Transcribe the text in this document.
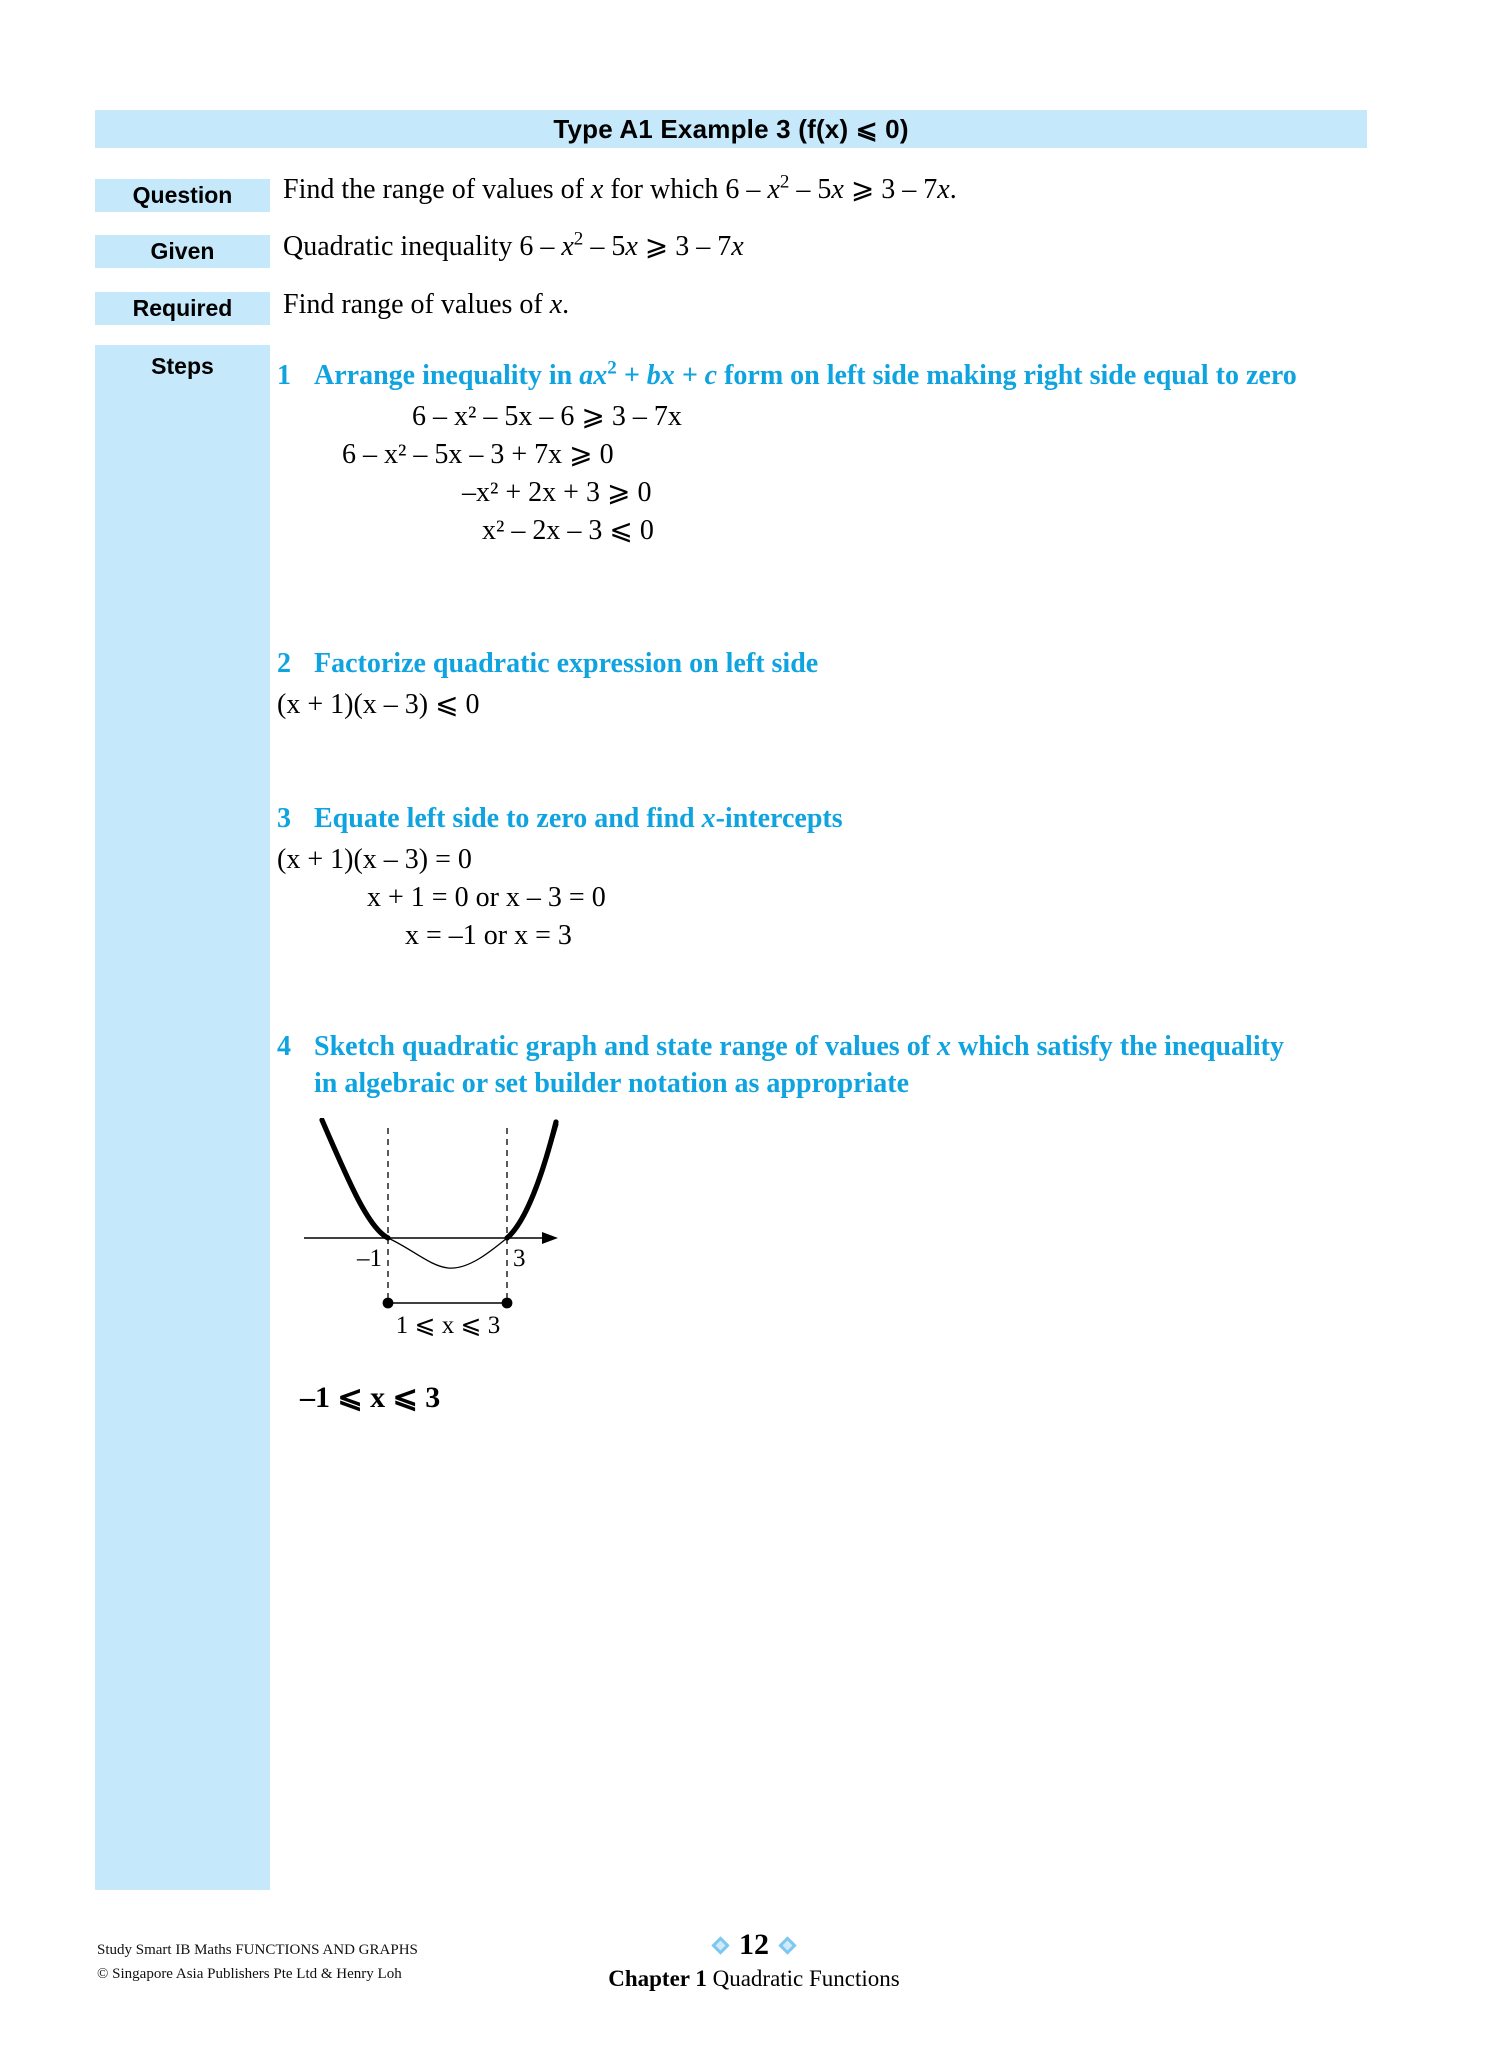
Type A1 Example 3 (f(x) ⩽ 0)
Question
Given
Required
Steps
Find the range of values of x for which $6 - x^2 - 5x$ ⩾ 3 – 7x.
Quadratic inequality $6 - x^2 - 5x$ ⩾ 3 – 7x
Find range of values of x.
1 Arrange inequality in $ax^2$ + bx + c form on left side making right side equal to zero
6 – x² – 5x – 6 ⩾ 3 – 7x
6 – x² – 5x – 3 + 7x ⩾ 0
–x² + 2x + 3 ⩾ 0
x² – 2x – 3 ⩽ 0
2 Factorize quadratic expression on left side
(x + 1)(x – 3) ⩽ 0
3 Equate left side to zero and find x-intercepts
(x + 1)(x – 3) = 0
x + 1 = 0 or x – 3 = 0
x = –1 or x = 3
4 Sketch quadratic graph and state range of values of x which satisfy the inequality
in algebraic or set builder notation as appropriate
–1	3
1 ⩽ x ⩽ 3
–1 ⩽ x ⩽ 3
Study Smart IB Maths FUNCTIONS AND GRAPHS
© Singapore Asia Publishers Pte Ltd & Henry Loh
12
Chapter 1 Quadratic Functions
